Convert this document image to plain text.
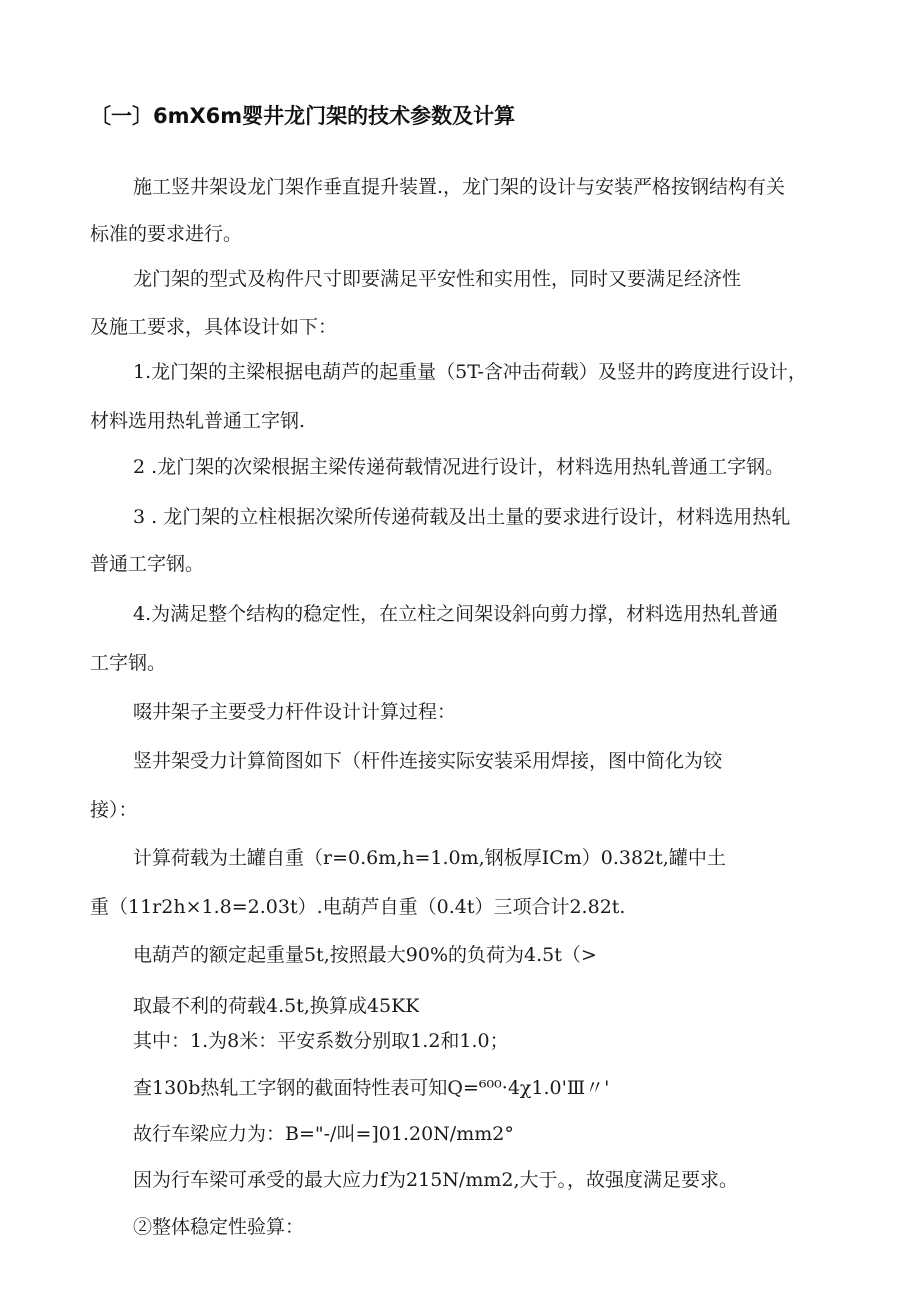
〔一〕6mX6m婴井龙门架的技术参数及计算
施工竖井架设龙门架作垂直提升装置.，龙门架的设计与安装严格按钢结构有关
标准的要求进行。
龙门架的型式及构件尺寸即要满足平安性和实用性，同时又要满足经济性
及施工要求，具体设计如下：
1.龙门架的主梁根据电葫芦的起重量（5T-含冲击荷载）及竖井的跨度进行设计，
材料选用热轧普通工字钢.
2 .龙门架的次梁根据主梁传递荷载情况进行设计，材料选用热轧普通工字钢。
3 . 龙门架的立柱根据次梁所传递荷载及出土量的要求进行设计，材料选用热轧
普通工字钢。
4.为满足整个结构的稳定性，在立柱之间架设斜向剪力撑，材料选用热轧普通
工字钢。
啜井架子主要受力杆件设计计算过程：
竖井架受力计算简图如下（杆件连接实际安装采用焊接，图中简化为铰
接）：
计算荷载为土罐自重（r=0.6m,h=1.0m,钢板厚ICm）0.382t,罐中土
重（11r2h×1.8=2.03t）.电葫芦自重（0.4t）三项合计2.82t.
电葫芦的额定起重量5t,按照最大90%的负荷为4.5t（>
取最不利的荷载4.5t,换算成45KK
其中：1.为8米：平安系数分别取1.2和1.0；
查130b热轧工字钢的截面特性表可知Q=⁶⁰⁰·4χ1.0'Ⅲ〃'
故行车梁应力为：B="-/叫=]01.20N∕mm2°
因为行车梁可承受的最大应力f为215N∕mm2,大于。，故强度满足要求。
②整体稳定性验算：
